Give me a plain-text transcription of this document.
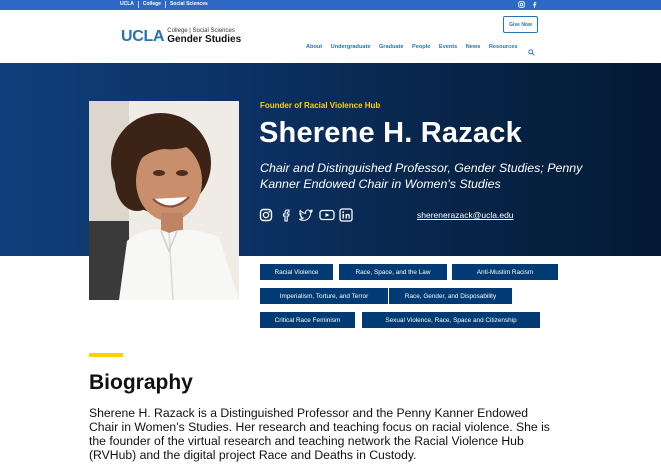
UCLA	College	Social Sciences
UCLA College | Social Sciences
Gender Studies
Give Now
About Undergraduate Graduate People Events News Resources
Founder of Racial Violence Hub
Sherene H. Razack

Chair and Distinguished Professor, Gender Studies; Penny Kanner Endowed Chair in Women's Studies

sherenerazack@ucla.edu
Racial Violence	Race, Space, and the Law	Anti-Muslim Racism
Imperialism, Torture, and Terror	Race, Gender, and Disposability
Critical Race Feminism	Sexual Violence, Race, Space and Citizenship
Biography

Sherene H. Razack is a Distinguished Professor and the Penny Kanner Endowed Chair in Women’s Studies. Her research and teaching focus on racial violence. She is the founder of the virtual research and teaching network the Racial Violence Hub (RVHub) and the digital project Race and Deaths in Custody.
